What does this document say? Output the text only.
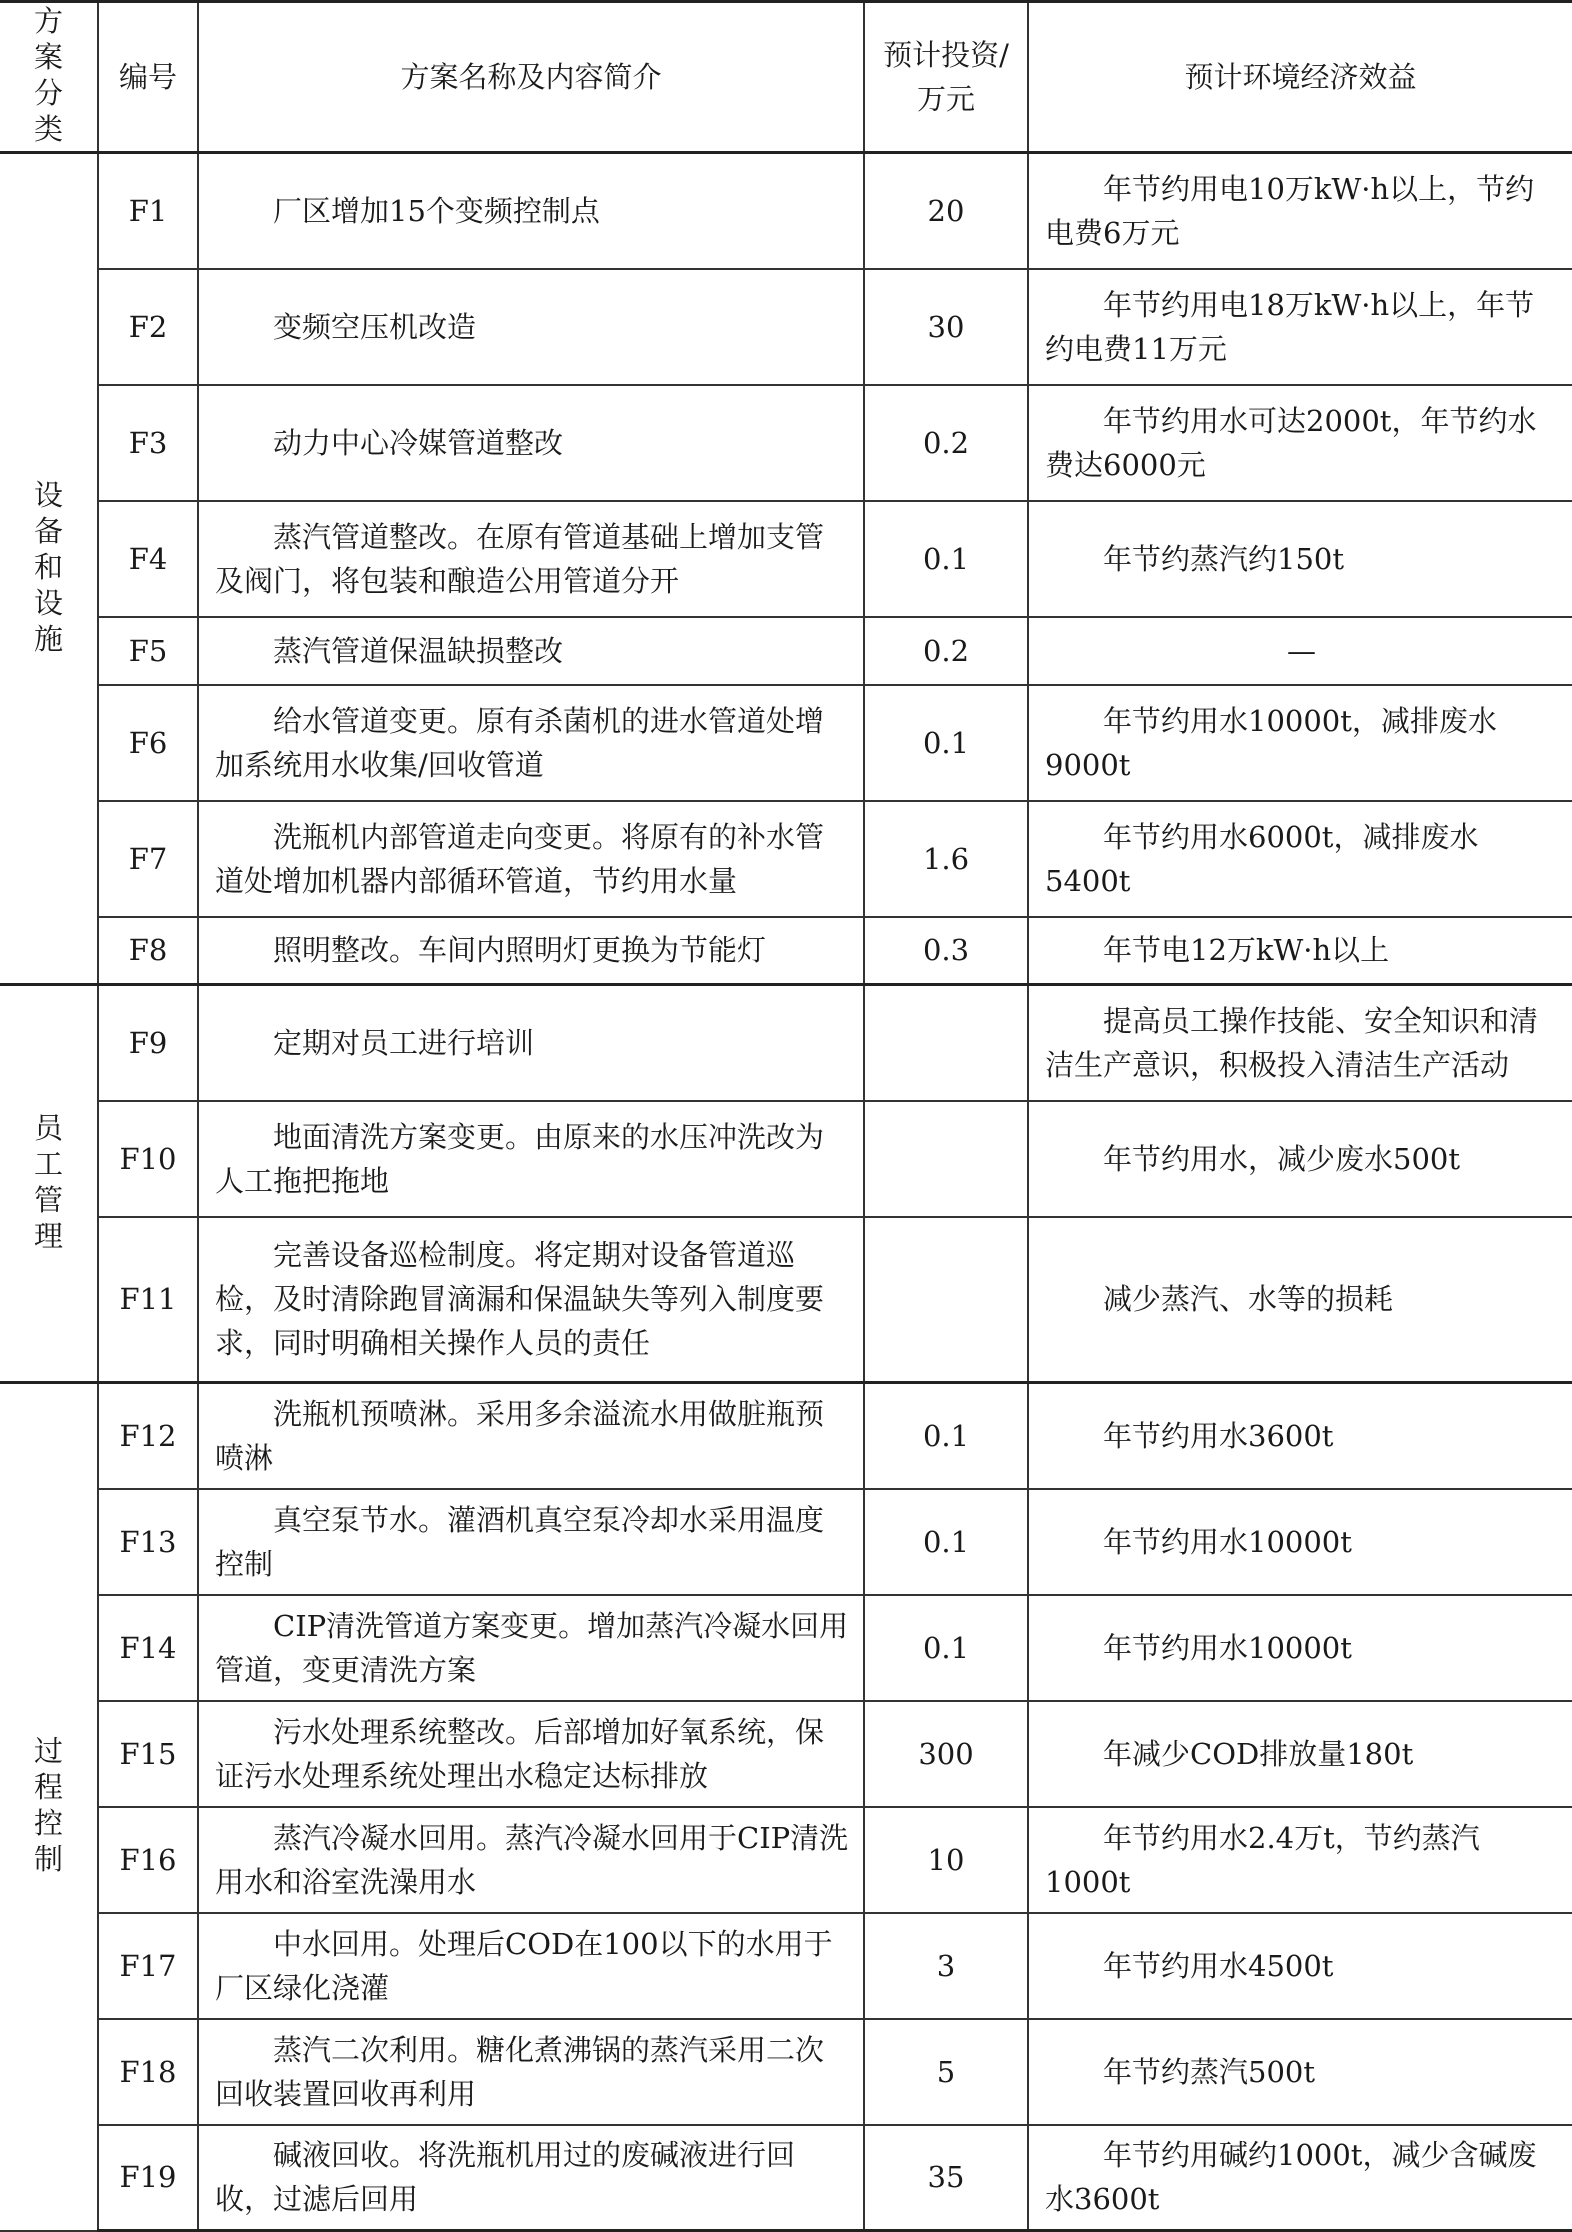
方案分类	编号	方案名称及内容简介	预计投资/万元	预计环境经济效益
设备和设施	F1	厂区增加15个变频控制点	20	年节约用电10万kW·h以上，节约电费6万元
	F2	变频空压机改造	30	年节约用电18万kW·h以上，年节约电费11万元
	F3	动力中心冷媒管道整改	0.2	年节约用水可达2000t，年节约水费达6000元
	F4	蒸汽管道整改。在原有管道基础上增加支管及阀门，将包装和酿造公用管道分开	0.1	年节约蒸汽约150t
	F5	蒸汽管道保温缺损整改	0.2	—
	F6	给水管道变更。原有杀菌机的进水管道处增加系统用水收集/回收管道	0.1	年节约用水10000t，减排废水9000t
	F7	洗瓶机内部管道走向变更。将原有的补水管道处增加机器内部循环管道，节约用水量	1.6	年节约用水6000t，减排废水5400t
	F8	照明整改。车间内照明灯更换为节能灯	0.3	年节电12万kW·h以上
员工管理	F9	定期对员工进行培训		提高员工操作技能、安全知识和清洁生产意识，积极投入清洁生产活动
	F10	地面清洗方案变更。由原来的水压冲洗改为人工拖把拖地		年节约用水，减少废水500t
	F11	完善设备巡检制度。将定期对设备管道巡检，及时清除跑冒滴漏和保温缺失等列入制度要求，同时明确相关操作人员的责任		减少蒸汽、水等的损耗
过程控制	F12	洗瓶机预喷淋。采用多余溢流水用做脏瓶预喷淋	0.1	年节约用水3600t
	F13	真空泵节水。灌酒机真空泵冷却水采用温度控制	0.1	年节约用水10000t
	F14	CIP清洗管道方案变更。增加蒸汽冷凝水回用管道，变更清洗方案	0.1	年节约用水10000t
	F15	污水处理系统整改。后部增加好氧系统，保证污水处理系统处理出水稳定达标排放	300	年减少COD排放量180t
	F16	蒸汽冷凝水回用。蒸汽冷凝水回用于CIP清洗用水和浴室洗澡用水	10	年节约用水2.4万t，节约蒸汽1000t
	F17	中水回用。处理后COD在100以下的水用于厂区绿化浇灌	3	年节约用水4500t
	F18	蒸汽二次利用。糖化煮沸锅的蒸汽采用二次回收装置回收再利用	5	年节约蒸汽500t
	F19	碱液回收。将洗瓶机用过的废碱液进行回收，过滤后回用	35	年节约用碱约1000t，减少含碱废水3600t
